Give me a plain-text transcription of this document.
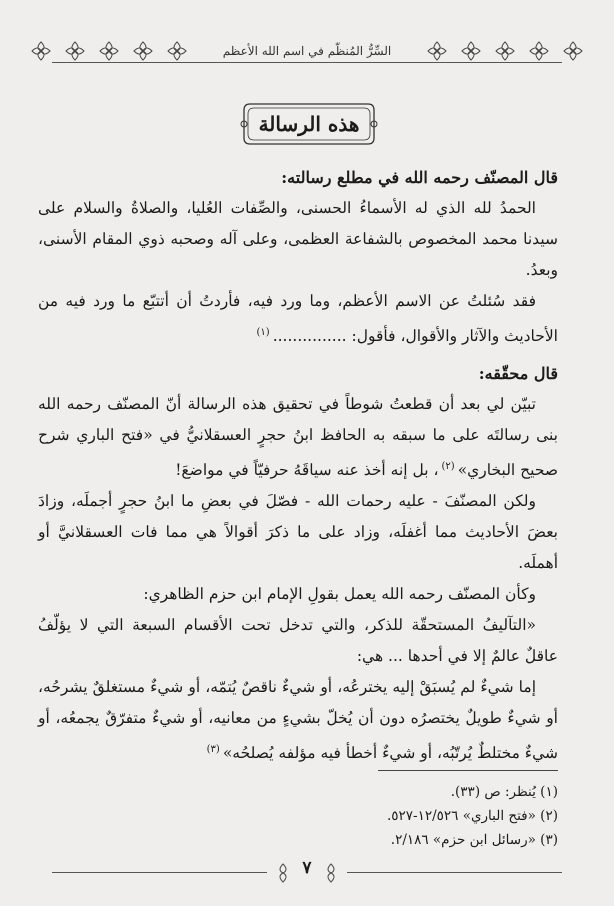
السِّرُّ المُنظّم في اسم الله الأعظم
هذه الرسالة

قال المصنّف رحمه الله في مطلع رسالته:

الحمدُ لله الذي له الأسماءُ الحسنى، والصِّفات العُليا، والصلاةُ والسلام على سيدنا محمد المخصوص بالشفاعة العظمى، وعلى آله وصحبه ذوي المقام الأسنى، وبعدُ.

فقد سُئلتُ عن الاسم الأعظم، وما ورد فيه، فأردتُ أن أتتبّع ما ورد فيه من الأحاديث والآثار والأقوال، فأقول: ...............$^{(١)}$

قال محقّقه:

تبيّن لي بعد أن قطعتُ شوطاً في تحقيق هذه الرسالة أنّ المصنّف رحمه الله بنى رسالتَه على ما سبقه به الحافظ ابنُ حجرٍ العسقلانيُّ في «فتح الباري شرح صحيح البخاري»$^{(٢)}$، بل إنه أخذ عنه سياقَهُ حرفيّاً في مواضعَ!

ولكن المصنّفَ - عليه رحمات الله - فصّلَ في بعضِ ما ابنُ حجرٍ أجملَه، وزادَ بعضَ الأحاديث مما أغفلَه، وزاد على ما ذكرَ أقوالاً هي مما فات العسقلانيَّ أو أهملَه.

وكأن المصنّف رحمه الله يعمل بقولِ الإمام ابن حزم الظاهري:

«التآليفُ المستحقّة للذكر، والتي تدخل تحت الأقسام السبعة التي لا يؤلّفُ عاقلٌ عالمٌ إلا في أحدها ... هي:

إما شيءٌ لم يُسبَقْ إليه يخترعُه، أو شيءٌ ناقصٌ يُتمّه، أو شيءٌ مستغلقٌ يشرحُه، أو شيءٌ طويلٌ يختصرُه دون أن يُخلّ بشيءٍ من معانيه، أو شيءٌ متفرّقٌ يجمعُه، أو شيءٌ مختلطٌ يُرتّبُه، أو شيءٌ أخطأ فيه مؤلفه يُصلحُه»$^{(٣)}$

(١) يُنظر: ص (٣٣).

(٢) «فتح الباري» ١٢/٥٢٦-٥٢٧.

(٣) «رسائل ابن حزم» ٢/١٨٦.

٧
